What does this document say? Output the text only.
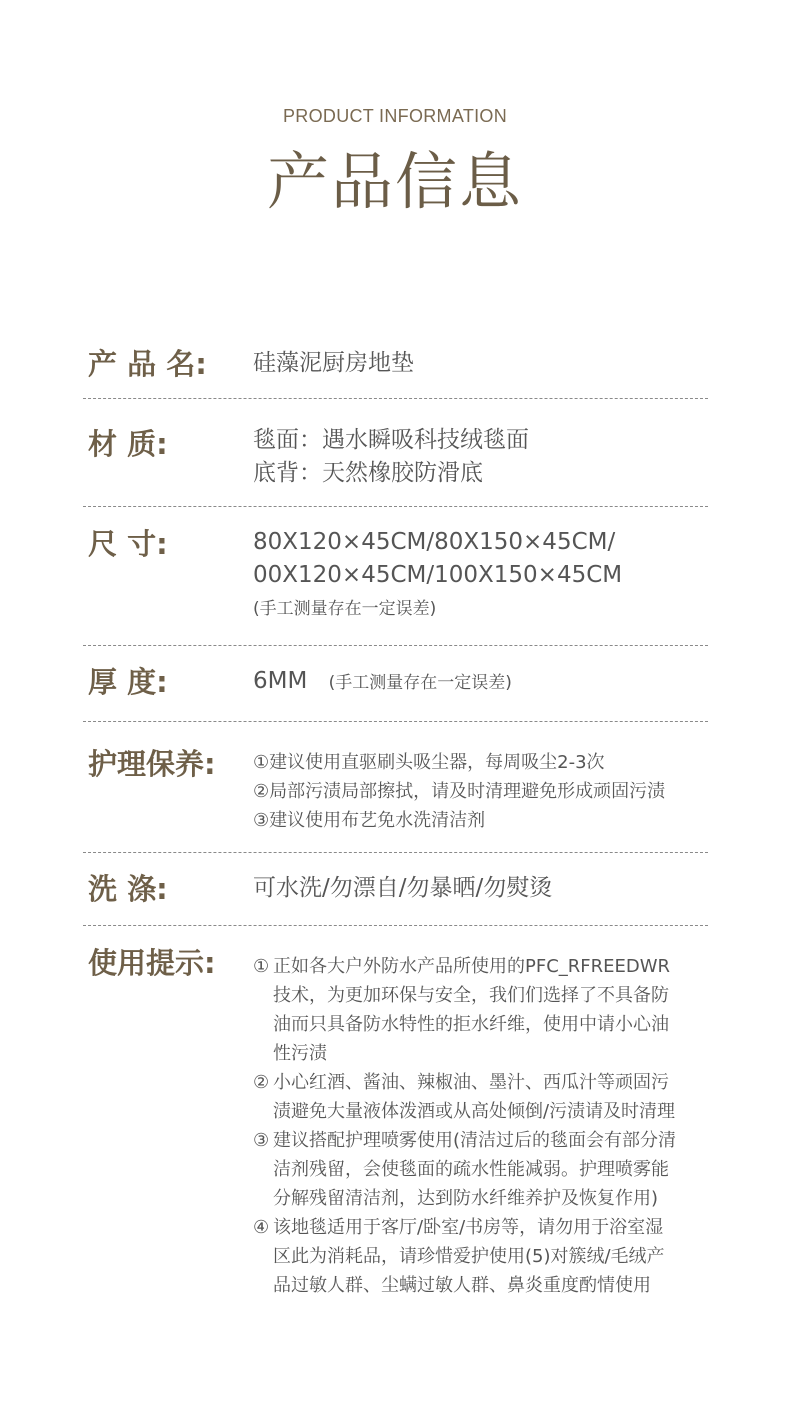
PRODUCT INFORMATION
产品信息
产 品 名:	硅藻泥厨房地垫
材 质:	毯面：遇水瞬吸科技绒毯面
底背：天然橡胶防滑底
尺 寸:	80X120×45CM/80X150×45CM/
00X120×45CM/100X150×45CM
(手工测量存在一定误差)
厚 度:	6MM (手工测量存在一定误差)
护理保养:	①建议使用直驱刷头吸尘器，每周吸尘2-3次
②局部污渍局部擦拭，请及时清理避免形成顽固污渍
③建议使用布艺免水洗清洁剂
洗 涤:	可水洗/勿漂自/勿暴晒/勿熨烫
使用提示:	① 正如各大户外防水产品所使用的PFC_RFREEDWR
技术，为更加环保与安全，我们们选择了不具备防
油而只具备防水特性的拒水纤维，使用中请小心油
性污渍
② 小心红酒、酱油、辣椒油、墨汁、西瓜汁等顽固污
渍避免大量液体泼酒或从高处倾倒/污渍请及时清理
③ 建议搭配护理喷雾使用(清洁过后的毯面会有部分清
洁剂残留，会使毯面的疏水性能减弱。护理喷雾能
分解残留清洁剂，达到防水纤维养护及恢复作用)
④ 该地毯适用于客厅/卧室/书房等，请勿用于浴室湿
区此为消耗品，请珍惜爱护使用(5)对簇绒/毛绒产
品过敏人群、尘螨过敏人群、鼻炎重度酌情使用
